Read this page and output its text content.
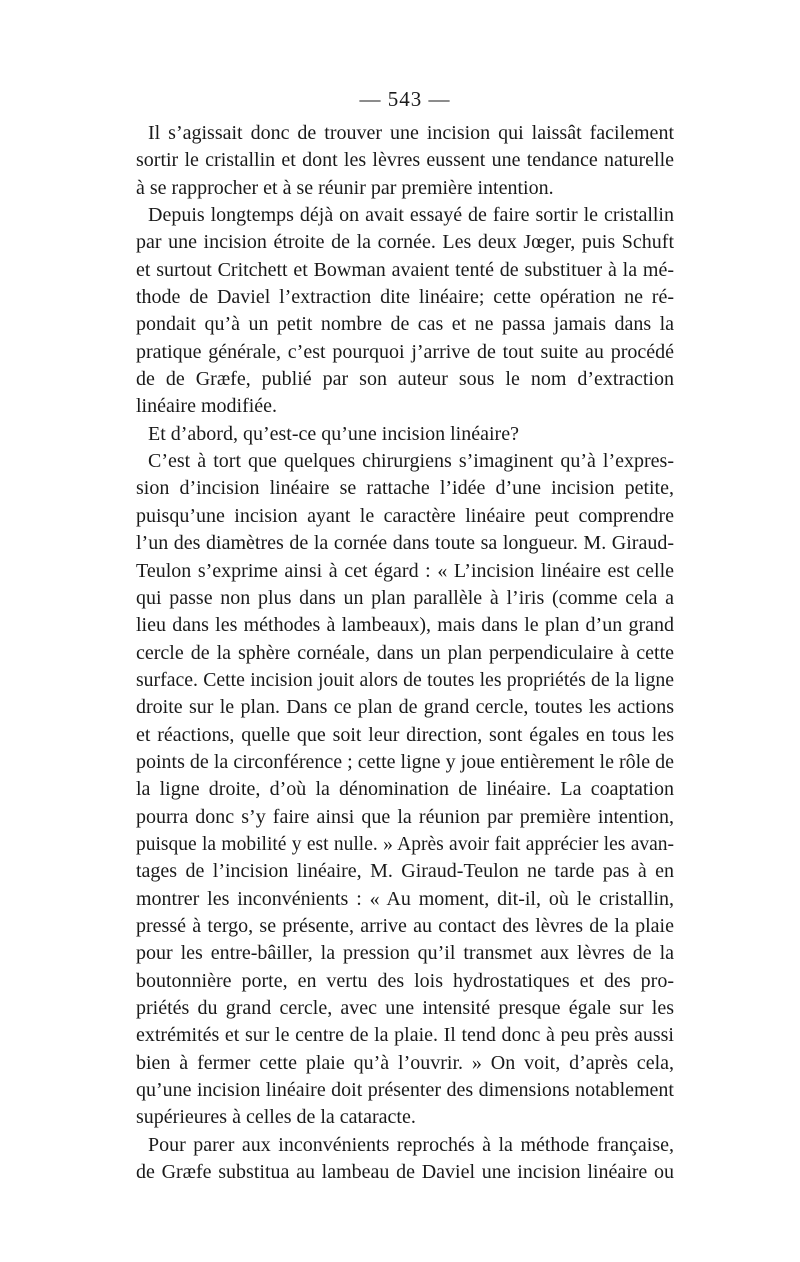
— 543 —
Il s’agissait donc de trouver une incision qui laissât facilement
sortir le cristallin et dont les lèvres eussent une tendance naturelle
à se rapprocher et à se réunir par première intention.
Depuis longtemps déjà on avait essayé de faire sortir le cristallin
par une incision étroite de la cornée. Les deux Jœger, puis Schuft
et surtout Critchett et Bowman avaient tenté de substituer à la mé-
thode de Daviel l’extraction dite linéaire; cette opération ne ré-
pondait qu’à un petit nombre de cas et ne passa jamais dans la
pratique générale, c’est pourquoi j’arrive de tout suite au procédé
de de Græfe, publié par son auteur sous le nom d’extraction
linéaire modifiée.
Et d’abord, qu’est-ce qu’une incision linéaire?
C’est à tort que quelques chirurgiens s’imaginent qu’à l’expres-
sion d’incision linéaire se rattache l’idée d’une incision petite,
puisqu’une incision ayant le caractère linéaire peut comprendre
l’un des diamètres de la cornée dans toute sa longueur. M. Giraud-
Teulon s’exprime ainsi à cet égard : « L’incision linéaire est celle
qui passe non plus dans un plan parallèle à l’iris (comme cela a
lieu dans les méthodes à lambeaux), mais dans le plan d’un grand
cercle de la sphère cornéale, dans un plan perpendiculaire à cette
surface. Cette incision jouit alors de toutes les propriétés de la ligne
droite sur le plan. Dans ce plan de grand cercle, toutes les actions
et réactions, quelle que soit leur direction, sont égales en tous les
points de la circonférence ; cette ligne y joue entièrement le rôle de
la ligne droite, d’où la dénomination de linéaire. La coaptation
pourra donc s’y faire ainsi que la réunion par première intention,
puisque la mobilité y est nulle. » Après avoir fait apprécier les avan-
tages de l’incision linéaire, M. Giraud-Teulon ne tarde pas à en
montrer les inconvénients : « Au moment, dit-il, où le cristallin,
pressé à tergo, se présente, arrive au contact des lèvres de la plaie
pour les entre-bâiller, la pression qu’il transmet aux lèvres de la
boutonnière porte, en vertu des lois hydrostatiques et des pro-
priétés du grand cercle, avec une intensité presque égale sur les
extrémités et sur le centre de la plaie. Il tend donc à peu près aussi
bien à fermer cette plaie qu’à l’ouvrir. » On voit, d’après cela,
qu’une incision linéaire doit présenter des dimensions notablement
supérieures à celles de la cataracte.
Pour parer aux inconvénients reprochés à la méthode française,
de Græfe substitua au lambeau de Daviel une incision linéaire ou
